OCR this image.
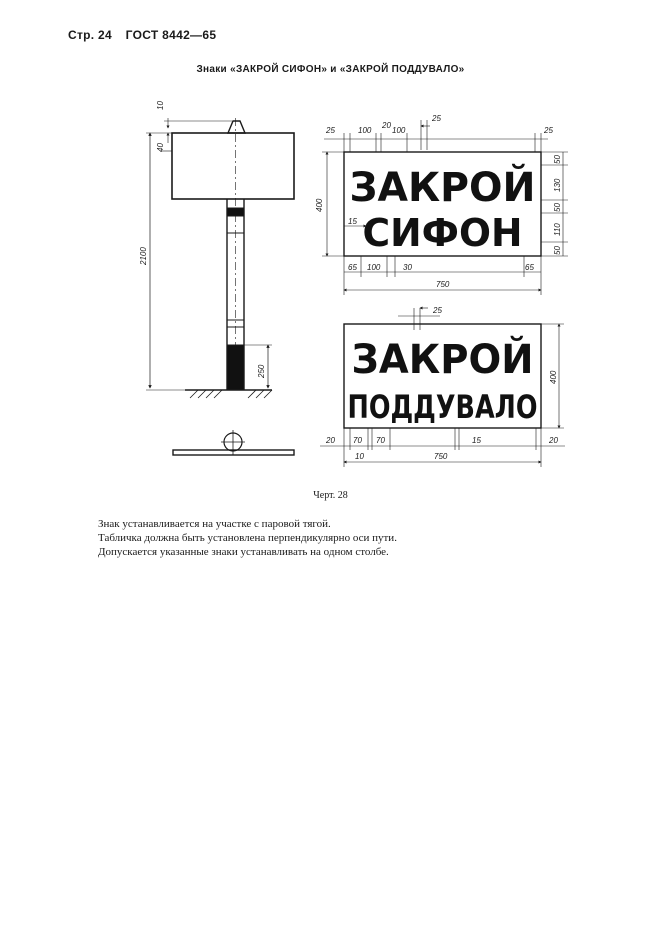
Стр. 24 ГОСТ 8442—65
Знаки «ЗАКРОЙ СИФОН» и «ЗАКРОЙ ПОДДУВАЛО»
10
40
2100
250
ЗАКРОЙ
СИФОН
25	100
20
100
25
25
400
15
50
130
50
110
50
65 100	30	65
750
ЗАКРОЙ
ПОДДУВАЛО
25
400
20 70 70
10
15	20
750
Черт. 28
Знак устанавливается на участке с паровой тягой.
Табличка должна быть установлена перпендикулярно оси пути.
Допускается указанные знаки устанавливать на одном столбе.
